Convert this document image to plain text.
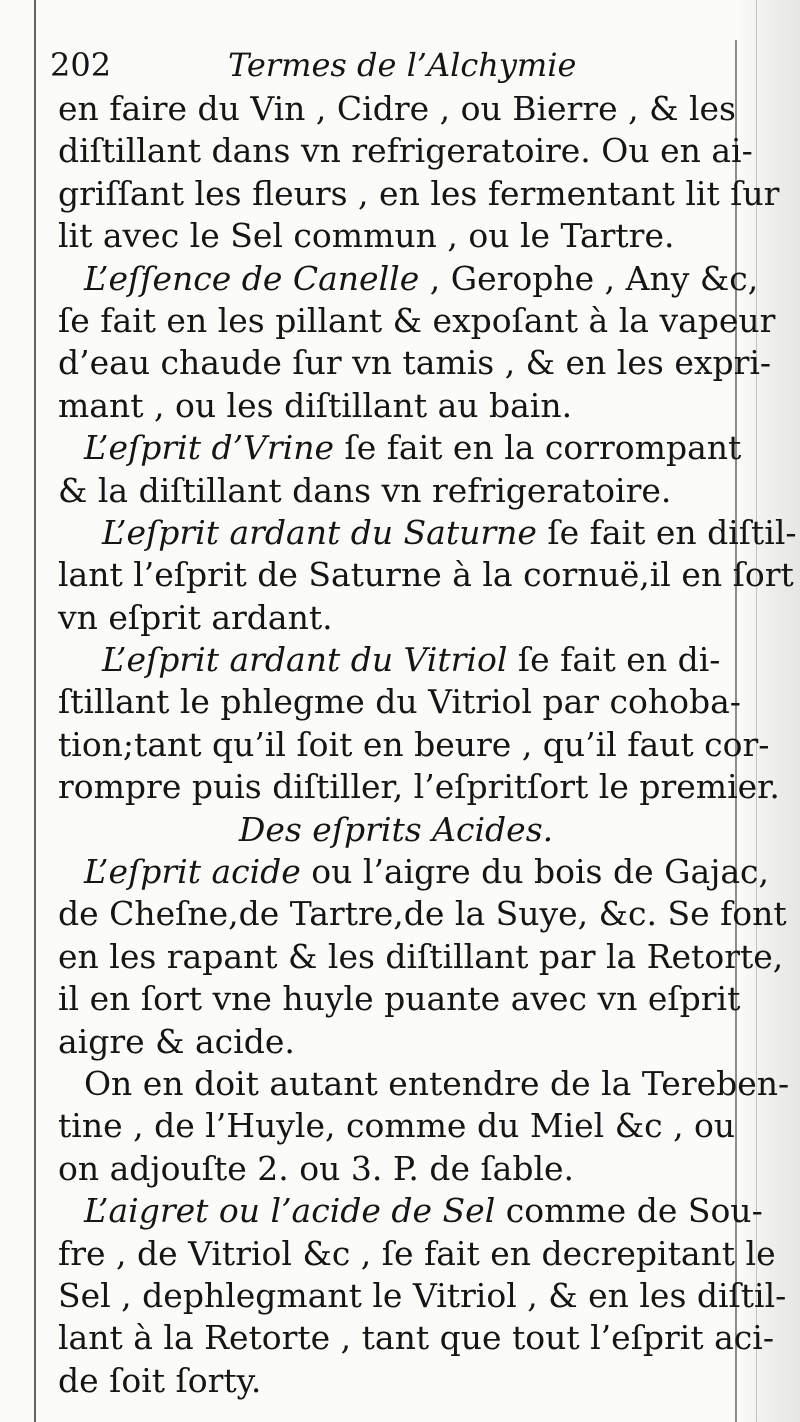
202	Termes de l’Alchymie
en faire du Vin , Cidre , ou Bierre , & les
diſtillant dans vn refrigeratoire. Ou en ai-
griſſant les fleurs , en les fermentant lit ſur
lit avec le Sel commun , ou le Tartre.
L’eſſence de Canelle , Gerophe , Any &c,
ſe fait en les pillant & expoſant à la vapeur
d’eau chaude ſur vn tamis , & en les expri-
mant , ou les diſtillant au bain.
L’eſprit d’Vrine ſe fait en la corrompant
& la diſtillant dans vn refrigeratoire.
L’eſprit ardant du Saturne ſe fait en diſtil-
lant l’eſprit de Saturne à la cornuë,il en ſort
vn eſprit ardant.
L’eſprit ardant du Vitriol ſe fait en di-
ſtillant le phlegme du Vitriol par cohoba-
tion;tant qu’il ſoit en beure , qu’il faut cor-
rompre puis diſtiller, l’eſpritſort le premier.
Des eſprits Acides.
L’eſprit acide ou l’aigre du bois de Gajac,
de Cheſne,de Tartre,de la Suye, &c. Se font
en les rapant & les diſtillant par la Retorte,
il en ſort vne huyle puante avec vn eſprit
aigre & acide.
On en doit autant entendre de la Tereben-
tine , de l’Huyle, comme du Miel &c , ou
on adjouſte 2. ou 3. P. de ſable.
L’aigret ou l’acide de Sel comme de Sou-
fre , de Vitriol &c , ſe fait en decrepitant le
Sel , dephlegmant le Vitriol , & en les diſtil-
lant à la Retorte , tant que tout l’eſprit aci-
de ſoit ſorty.
